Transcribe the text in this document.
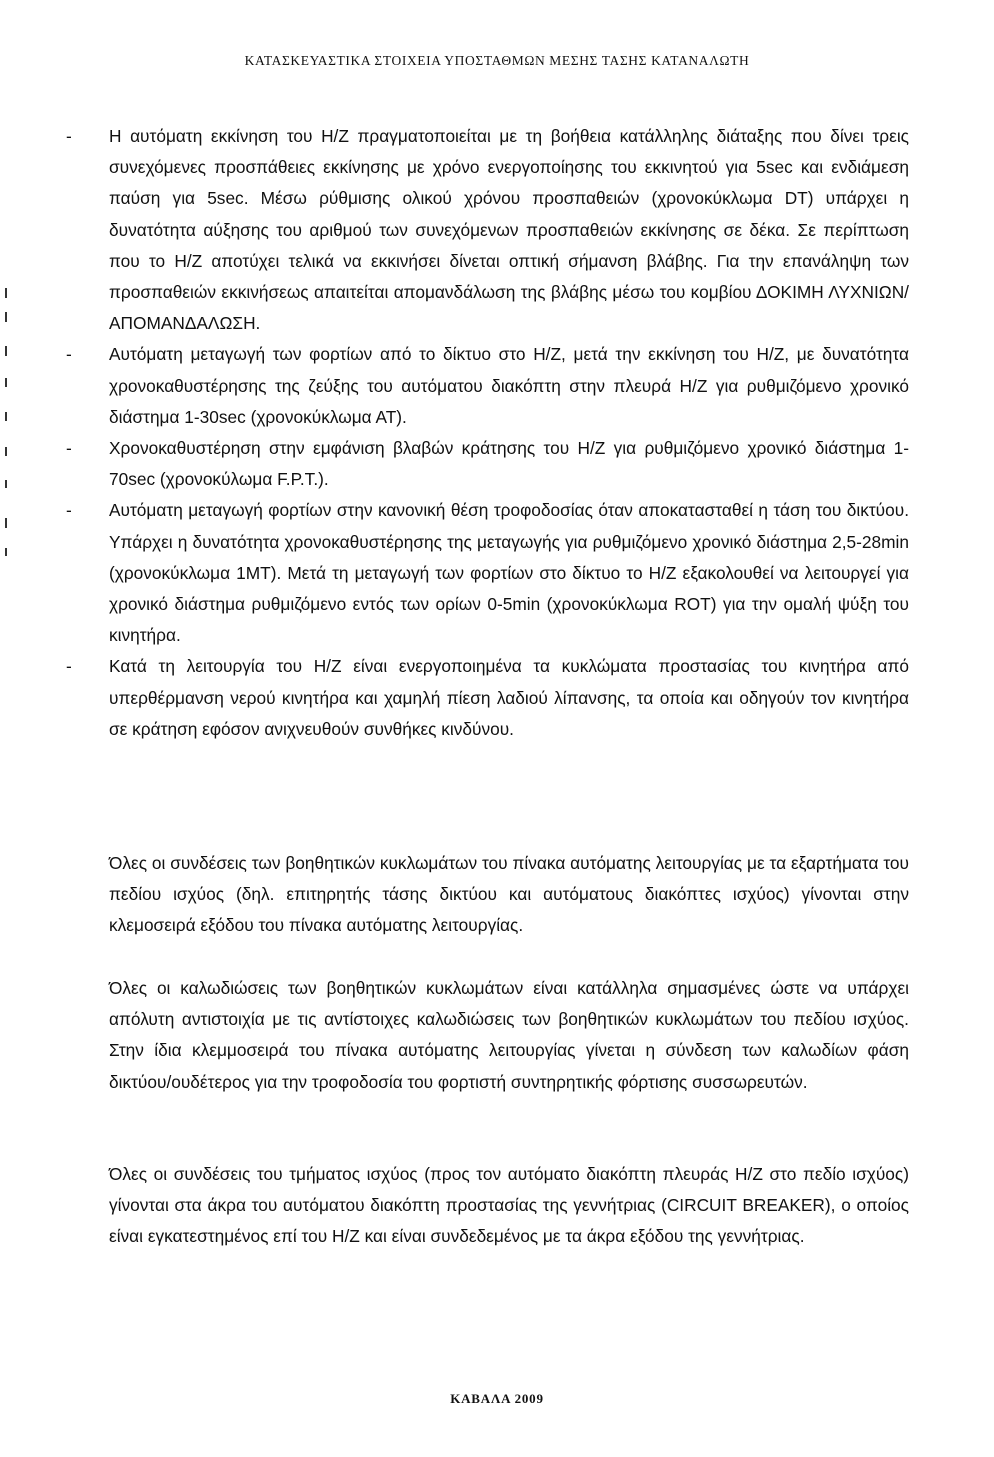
ΚΑΤΑΣΚΕΥΑΣΤΙΚΑ ΣΤΟΙΧΕΙΑ ΥΠΟΣΤΑΘΜΩΝ ΜΕΣΗΣ ΤΑΣΗΣ ΚΑΤΑΝΑΛΩΤΗ
- Η αυτόματη εκκίνηση του Η/Ζ πραγματοποιείται με τη βοήθεια κατάλληλης διάταξης που δίνει τρεις συνεχόμενες προσπάθειες εκκίνησης με χρόνο ενεργοποίησης του εκκινητού για 5sec και ενδιάμεση παύση για 5sec. Μέσω ρύθμισης ολικού χρόνου προσπαθειών (χρονοκύκλωμα DT) υπάρχει η δυνατότητα αύξησης του αριθμού των συνεχόμενων προσπαθειών εκκίνησης σε δέκα. Σε περίπτωση που το Η/Ζ αποτύχει τελικά να εκκινήσει δίνεται οπτική σήμανση βλάβης. Για την επανάληψη των προσπαθειών εκκινήσεως απαιτείται απομανδάλωση της βλάβης μέσω του κομβίου ΔΟΚΙΜΗ ΛΥΧΝΙΩΝ/ΑΠΟΜΑΝΔΑΛΩΣΗ.
- Αυτόματη μεταγωγή των φορτίων από το δίκτυο στο Η/Ζ, μετά την εκκίνηση του Η/Ζ, με δυνατότητα χρονοκαθυστέρησης της ζεύξης του αυτόματου διακόπτη στην πλευρά Η/Ζ για ρυθμιζόμενο χρονικό διάστημα 1-30sec (χρονοκύκλωμα ΑΤ).
- Χρονοκαθυστέρηση στην εμφάνιση βλαβών κράτησης του Η/Ζ για ρυθμιζόμενο χρονικό διάστημα 1-70sec (χρονοκύλωμα F.P.T.).
- Αυτόματη μεταγωγή φορτίων στην κανονική θέση τροφοδοσίας όταν αποκατασταθεί η τάση του δικτύου. Υπάρχει η δυνατότητα χρονοκαθυστέρησης της μεταγωγής για ρυθμιζόμενο χρονικό διάστημα 2,5-28min (χρονοκύκλωμα 1ΜΤ). Μετά τη μεταγωγή των φορτίων στο δίκτυο το Η/Ζ εξακολουθεί να λειτουργεί για χρονικό διάστημα ρυθμιζόμενο εντός των ορίων 0-5min (χρονοκύκλωμα ROT) για την ομαλή ψύξη του κινητήρα.
- Κατά τη λειτουργία του Η/Ζ είναι ενεργοποιημένα τα κυκλώματα προστασίας του κινητήρα από υπερθέρμανση νερού κινητήρα και χαμηλή πίεση λαδιού λίπανσης, τα οποία και οδηγούν τον κινητήρα σε κράτηση εφόσον ανιχνευθούν συνθήκες κινδύνου.

Όλες οι συνδέσεις των βοηθητικών κυκλωμάτων του πίνακα αυτόματης λειτουργίας με τα εξαρτήματα του πεδίου ισχύος (δηλ. επιτηρητής τάσης δικτύου και αυτόματους διακόπτες ισχύος) γίνονται στην κλεμοσειρά εξόδου του πίνακα αυτόματης λειτουργίας.

Όλες οι καλωδιώσεις των βοηθητικών κυκλωμάτων είναι κατάλληλα σημασμένες ώστε να υπάρχει απόλυτη αντιστοιχία με τις αντίστοιχες καλωδιώσεις των βοηθητικών κυκλωμάτων του πεδίου ισχύος. Στην ίδια κλεμμοσειρά του πίνακα αυτόματης λειτουργίας γίνεται η σύνδεση των καλωδίων φάση δικτύου/ουδέτερος για την τροφοδοσία του φορτιστή συντηρητικής φόρτισης συσσωρευτών.

Όλες οι συνδέσεις του τμήματος ισχύος (προς τον αυτόματο διακόπτη πλευράς Η/Ζ στο πεδίο ισχύος) γίνονται στα άκρα του αυτόματου διακόπτη προστασίας της γεννήτριας (CIRCUIT BREAKER), ο οποίος είναι εγκατεστημένος επί του Η/Ζ και είναι συνδεδεμένος με τα άκρα εξόδου της γεννήτριας.

ΚΑΒΑΛΑ 2009
